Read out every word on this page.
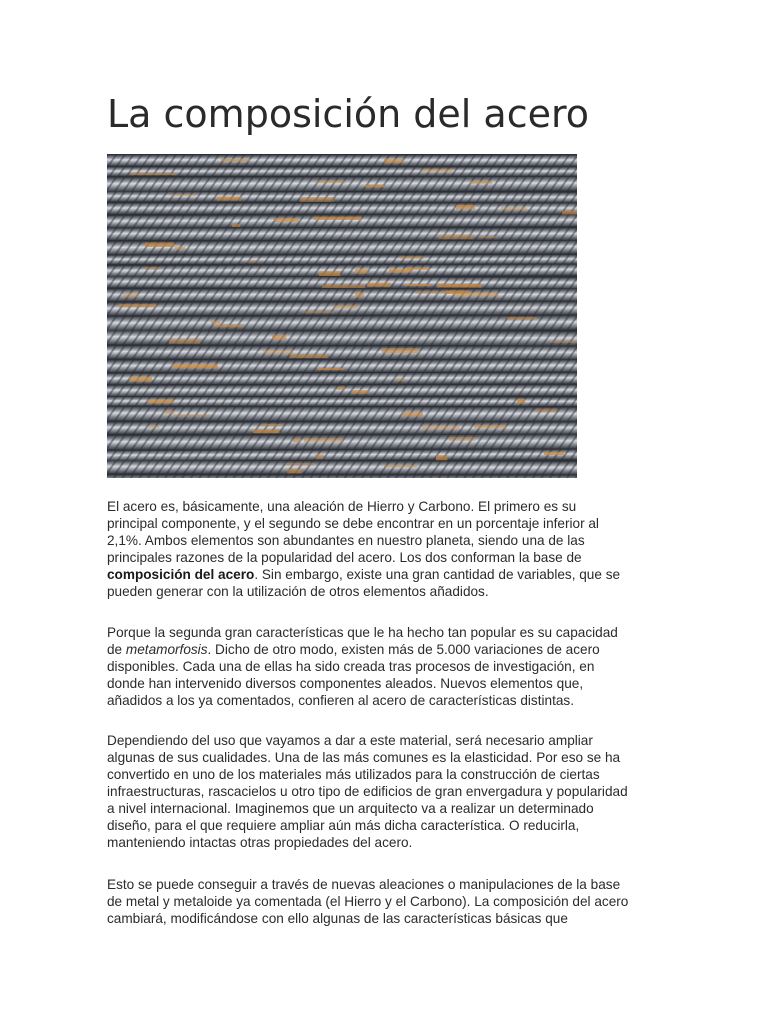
La composición del acero

El acero es, básicamente, una aleación de Hierro y Carbono. El primero es su
principal componente, y el segundo se debe encontrar en un porcentaje inferior al
2,1%. Ambos elementos son abundantes en nuestro planeta, siendo una de las
principales razones de la popularidad del acero. Los dos conforman la base de
composición del acero. Sin embargo, existe una gran cantidad de variables, que se
pueden generar con la utilización de otros elementos añadidos.

Porque la segunda gran características que le ha hecho tan popular es su capacidad
de metamorfosis. Dicho de otro modo, existen más de 5.000 variaciones de acero
disponibles. Cada una de ellas ha sido creada tras procesos de investigación, en
donde han intervenido diversos componentes aleados. Nuevos elementos que,
añadidos a los ya comentados, confieren al acero de características distintas.

Dependiendo del uso que vayamos a dar a este material, será necesario ampliar
algunas de sus cualidades. Una de las más comunes es la elasticidad. Por eso se ha
convertido en uno de los materiales más utilizados para la construcción de ciertas
infraestructuras, rascacielos u otro tipo de edificios de gran envergadura y popularidad
a nivel internacional. Imaginemos que un arquitecto va a realizar un determinado
diseño, para el que requiere ampliar aún más dicha característica. O reducirla,
manteniendo intactas otras propiedades del acero.

Esto se puede conseguir a través de nuevas aleaciones o manipulaciones de la base
de metal y metaloide ya comentada (el Hierro y el Carbono). La composición del acero
cambiará, modificándose con ello algunas de las características básicas que
